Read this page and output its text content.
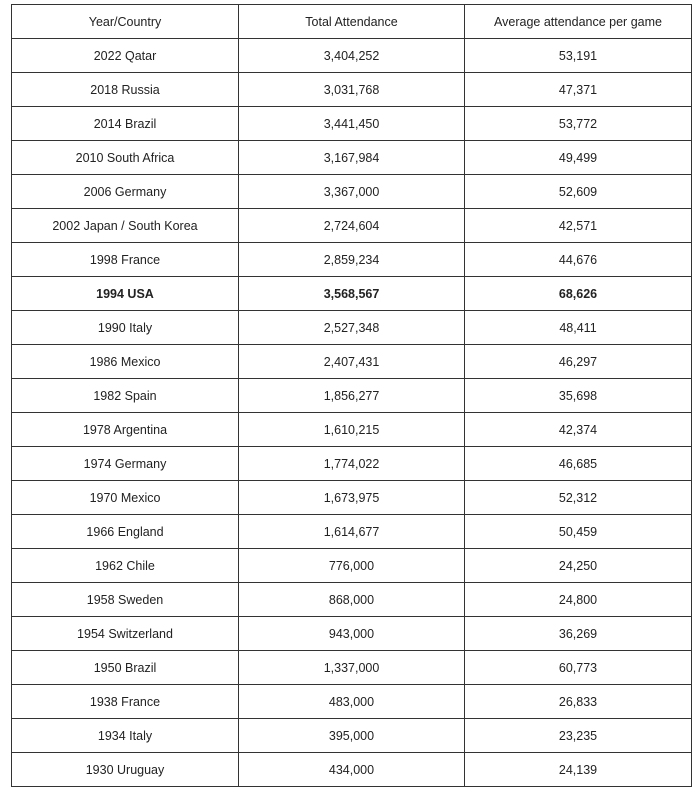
Year/Country	Total Attendance	Average attendance per game
2022 Qatar	3,404,252	53,191
2018 Russia	3,031,768	47,371
2014 Brazil	3,441,450	53,772
2010 South Africa	3,167,984	49,499
2006 Germany	3,367,000	52,609
2002 Japan / South Korea	2,724,604	42,571
1998 France	2,859,234	44,676
1994 USA	3,568,567	68,626
1990 Italy	2,527,348	48,411
1986 Mexico	2,407,431	46,297
1982 Spain	1,856,277	35,698
1978 Argentina	1,610,215	42,374
1974 Germany	1,774,022	46,685
1970 Mexico	1,673,975	52,312
1966 England	1,614,677	50,459
1962 Chile	776,000	24,250
1958 Sweden	868,000	24,800
1954 Switzerland	943,000	36,269
1950 Brazil	1,337,000	60,773
1938 France	483,000	26,833
1934 Italy	395,000	23,235
1930 Uruguay	434,000	24,139
